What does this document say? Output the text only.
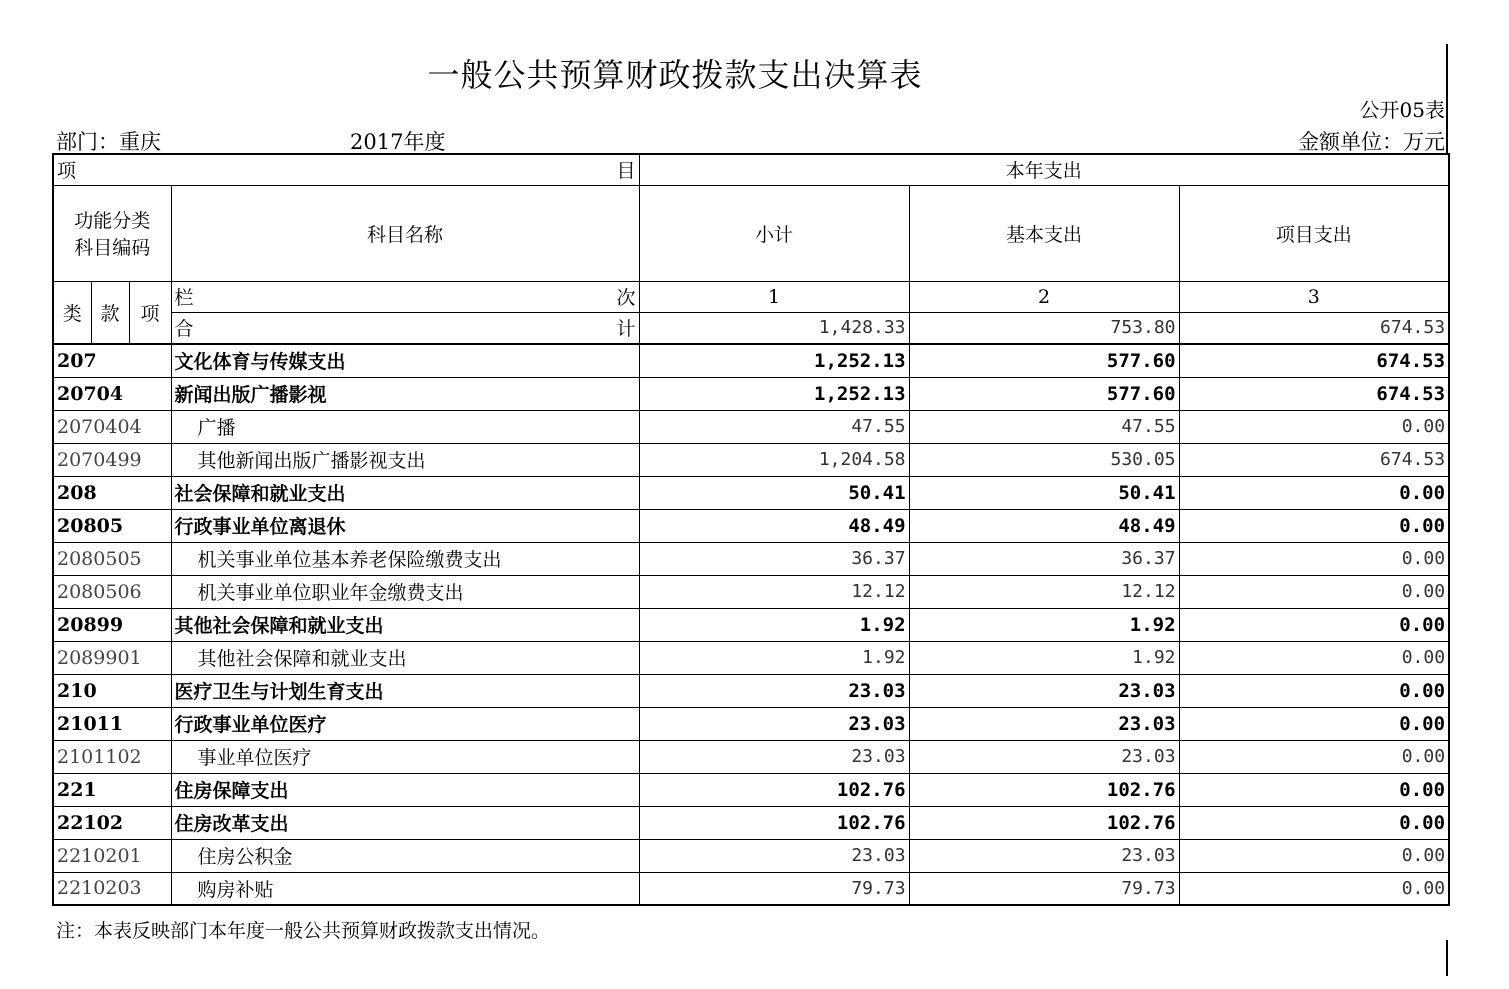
一般公共预算财政拨款支出决算表
公开05表
部门：重庆	2017年度	金额单位：万元
项 目				本年支出		

功能分类
科目编码			科目名称	小计	基本支出	项目支出
类	款	项	栏 次	1	2	3

			合 计	1,428.33	753.80	674.53
207			文化体育与传媒支出	1,252.13	577.60	674.53
20704			新闻出版广播影视	1,252.13	577.60	674.53
2070404			广播	47.55	47.55	0.00
2070499			其他新闻出版广播影视支出	1,204.58	530.05	674.53
208			社会保障和就业支出	50.41	50.41	0.00
20805			行政事业单位离退休	48.49	48.49	0.00
2080505			机关事业单位基本养老保险缴费支出	36.37	36.37	0.00
2080506			机关事业单位职业年金缴费支出	12.12	12.12	0.00
20899			其他社会保障和就业支出	1.92	1.92	0.00
2089901			其他社会保障和就业支出	1.92	1.92	0.00
210			医疗卫生与计划生育支出	23.03	23.03	0.00
21011			行政事业单位医疗	23.03	23.03	0.00
2101102			事业单位医疗	23.03	23.03	0.00
221			住房保障支出	102.76	102.76	0.00
22102			住房改革支出	102.76	102.76	0.00
2210201			住房公积金	23.03	23.03	0.00
2210203			购房补贴	79.73	79.73	0.00
注：本表反映部门本年度一般公共预算财政拨款支出情况。
